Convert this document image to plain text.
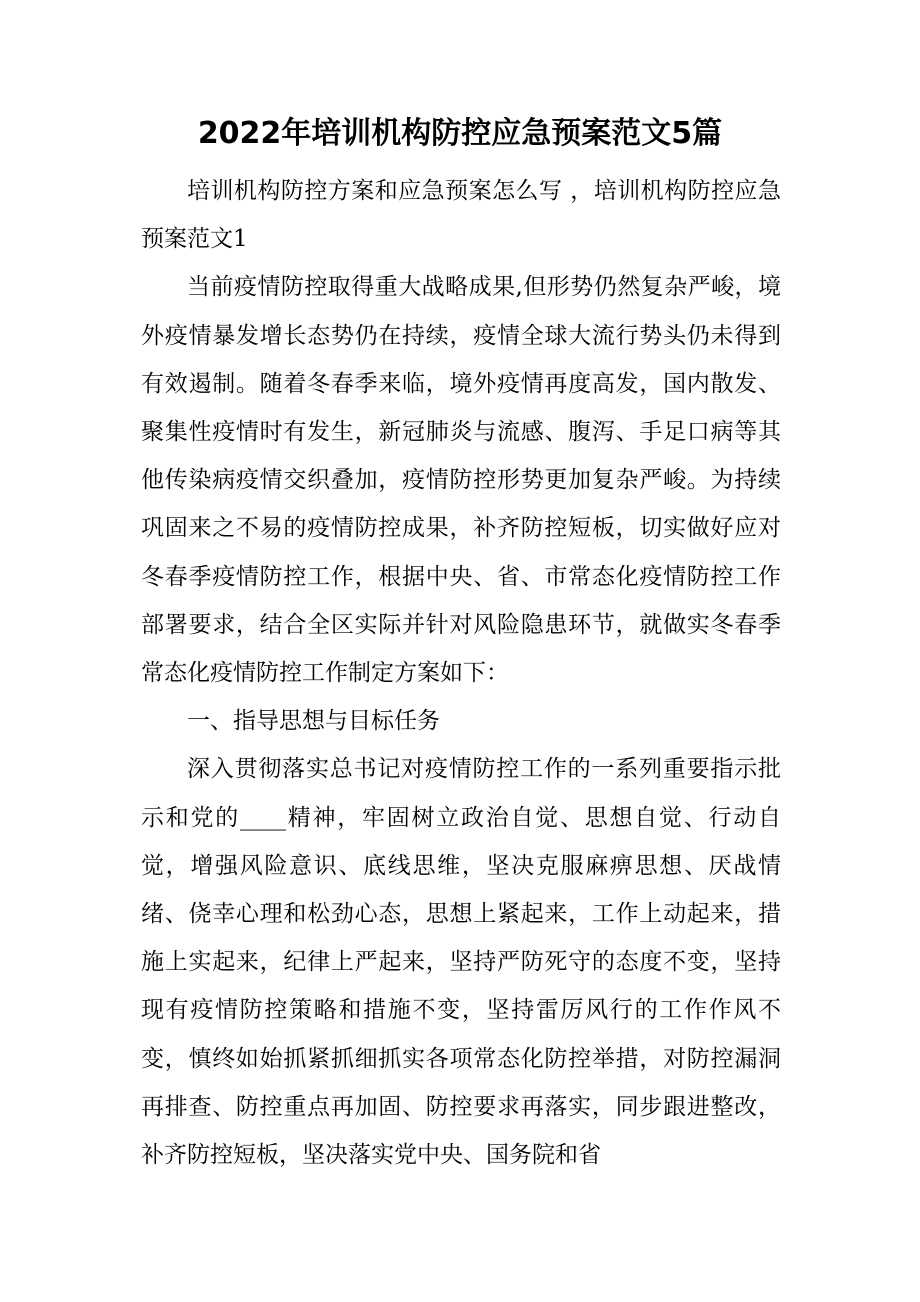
2022年培训机构防控应急预案范文5篇

培训机构防控方案和应急预案怎么写 ，培训机构防控应急预案范文1

当前疫情防控取得重大战略成果,但形势仍然复杂严峻，境外疫情暴发增长态势仍在持续，疫情全球大流行势头仍未得到有效遏制。随着冬春季来临，境外疫情再度高发，国内散发、聚集性疫情时有发生，新冠肺炎与流感、腹泻、手足口病等其他传染病疫情交织叠加，疫情防控形势更加复杂严峻。为持续巩固来之不易的疫情防控成果，补齐防控短板，切实做好应对冬春季疫情防控工作，根据中央、省、市常态化疫情防控工作部署要求，结合全区实际并针对风险隐患环节，就做实冬春季常态化疫情防控工作制定方案如下：

一、指导思想与目标任务

深入贯彻落实总书记对疫情防控工作的一系列重要指示批示和党的____精神，牢固树立政治自觉、思想自觉、行动自觉，增强风险意识、底线思维，坚决克服麻痹思想、厌战情绪、侥幸心理和松劲心态，思想上紧起来，工作上动起来，措施上实起来，纪律上严起来，坚持严防死守的态度不变，坚持现有疫情防控策略和措施不变，坚持雷厉风行的工作作风不变，慎终如始抓紧抓细抓实各项常态化防控举措，对防控漏洞再排查、防控重点再加固、防控要求再落实，同步跟进整改，补齐防控短板，坚决落实党中央、国务院和省
